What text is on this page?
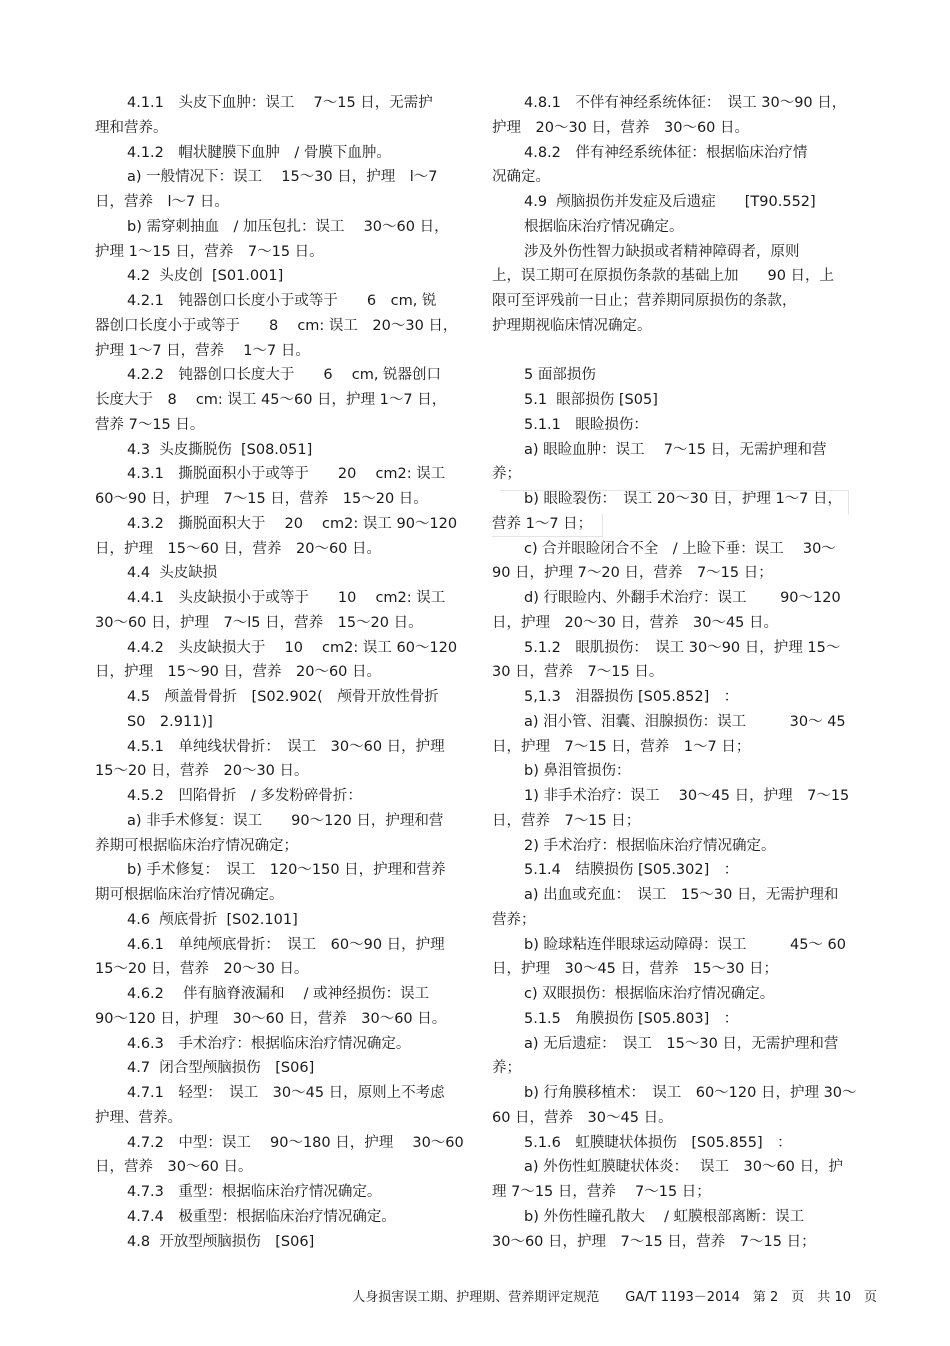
4.1.1　头皮下血肿：误工　 7～15 日，无需护

理和营养。

4.1.2　帽状腱膜下血肿　/ 骨膜下血肿。

a) 一般情况下：误工　 15～30 日，护理　l～7

日，营养　l～7 日。

b) 需穿刺抽血　/ 加压包扎：误工　 30～60 日，

护理 1～15 日，营养　7～15 日。

4.2  头皮创  [S01.001]

4.2.1　钝器创口长度小于或等于　　6　cm, 锐

器创口长度小于或等于　　8　 cm: 误工　20～30 日，

护理 1～7 日，营养　 1～7 日。

4.2.2　钝器创口长度大于　　6　 cm, 锐器创口

长度大于　8　 cm: 误工 45～60 日，护理 1～7 日，

营养 7～15 日。

4.3  头皮撕脱伤  [S08.051]

4.3.1　撕脱面积小于或等于　　20　 cm2: 误工

60～90 日，护理　7～15 日，营养　15～20 日。

4.3.2　撕脱面积大于　 20　 cm2: 误工 90～120

日，护理　15～60 日，营养　20～60 日。

4.4  头皮缺损

4.4.1　头皮缺损小于或等于　　10　 cm2: 误工

30～60 日，护理　7～l5 日，营养　15～20 日。

4.4.2　头皮缺损大于　 10　 cm2: 误工 60～120

日，护理　15～90 日，营养　20～60 日。

4.5　颅盖骨骨折　[S02.902(　颅骨开放性骨折

S0　2.911)]

4.5.1　单纯线状骨折：　误工　30～60 日，护理

15～20 日，营养　20～30 日。

4.5.2　凹陷骨折　/ 多发粉碎骨折：

a) 非手术修复：误工　　90～120 日，护理和营

养期可根据临床治疗情况确定；

b) 手术修复：　误工　120～150 日，护理和营养

期可根据临床治疗情况确定。

4.6  颅底骨折  [S02.101]

4.6.1　单纯颅底骨折：　误工　60～90 日，护理

15～20 日，营养　20～30 日。

4.6.2　 伴有脑脊液漏和　 / 或神经损伤：误工

90～120 日，护理　30～60 日，营养　30～60 日。

4.6.3　手术治疗：根据临床治疗情况确定。

4.7  闭合型颅脑损伤　[S06]

4.7.1　轻型：　误工　30～45 日，原则上不考虑

护理、营养。

4.7.2　中型：误工　 90～180 日，护理　 30～60

日，营养　30～60 日。

4.7.3　重型：根据临床治疗情况确定。

4.7.4　极重型：根据临床治疗情况确定。

4.8  开放型颅脑损伤　[S06]

4.8.1　不伴有神经系统体征：　误工 30～90 日，

护理　20～30 日，营养　30～60 日。

4.8.2　伴有神经系统体征：根据临床治疗情

况确定。

4.9  颅脑损伤并发症及后遗症　　[T90.552]

根据临床治疗情况确定。

涉及外伤性智力缺损或者精神障碍者，原则

上，误工期可在原损伤条款的基础上加　　90 日，上

限可至评残前一日止；营养期同原损伤的条款，

护理期视临床情况确定。

5 面部损伤

5.1  眼部损伤 [S05]

5.1.1　眼睑损伤：

a) 眼睑血肿：误工　 7～15 日，无需护理和营

养；

b) 眼睑裂伤：　误工 20～30 日，护理 1～7 日，

营养 1～7 日；

c) 合并眼睑闭合不全　/ 上睑下垂：误工　 30～

90 日，护理 7～20 日，营养　7～15 日；

d) 行眼睑内、外翻手术治疗：误工　　 90～120

日，护理　20～30 日，营养　30～45 日。

5.1.2　眼肌损伤：　误工 30～90 日，护理 15～

30 日，营养　7～15 日。

5,1.3　泪器损伤 [S05.852]　：

a) 泪小管、泪囊、泪腺损伤：误工　　　30～ 45

日，护理　7～15 日，营养　1～7 日；

b) 鼻泪管损伤：

1) 非手术治疗：误工　 30～45 日，护理　7～15

日，营养　7～15 日；

2) 手术治疗：根据临床治疗情况确定。

5.1.4　结膜损伤 [S05.302]　：

a) 出血或充血：　误工　15～30 日，无需护理和

营养；

b) 睑球粘连伴眼球运动障碍：误工　　　45～ 60

日，护理　30～45 日，营养　15～30 日；

c) 双眼损伤：根据临床治疗情况确定。

5.1.5　角膜损伤 [S05.803]　：

a) 无后遗症：　误工　15～30 日，无需护理和营

养；

b) 行角膜移植术：　误工　60～120 日，护理 30～

60 日，营养　30～45 日。

5.1.6　虹膜睫状体损伤　[S05.855]　：

a) 外伤性虹膜睫状体炎：　 误工　30～60 日，护

理 7～15 日，营养　 7～15 日；

b) 外伤性瞳孔散大　 / 虹膜根部离断：误工

30～60 日，护理　7～15 日，营养　7～15 日；

人身损害误工期、护理期、营养期评定规范　　 GA/T 1193－2014　 第 2　页　共 10　页
